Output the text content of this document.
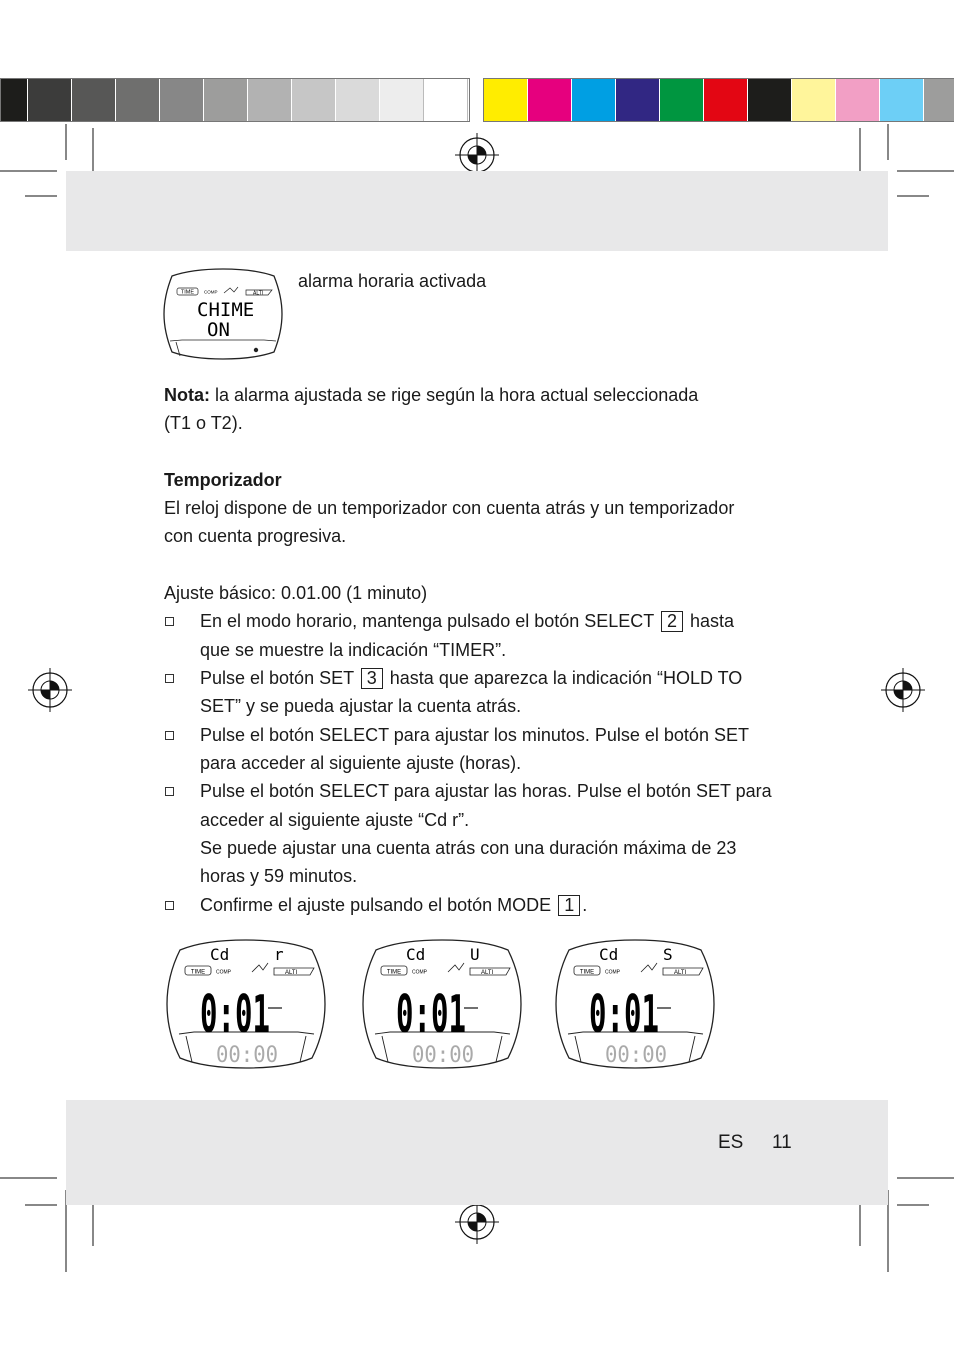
TIME COMP	ALTI
CHIME
ON
alarma horaria activada
Nota: la alarma ajustada se rige según la hora actual seleccionada
(T1 o T2).
Temporizador
El reloj dispone de un temporizador con cuenta atrás y un temporizador
con cuenta progresiva.
Ajuste básico: 0.01.00 (1 minuto)
En el modo horario, mantenga pulsado el botón SELECT 2 hasta
que se muestre la indicación “TIMER”.
Pulse el botón SET 3 hasta que aparezca la indicación “HOLD TO
SET” y se pueda ajustar la cuenta atrás.
Pulse el botón SELECT para ajustar los minutos. Pulse el botón SET
para acceder al siguiente ajuste (horas).
Pulse el botón SELECT para ajustar las horas. Pulse el botón SET para
acceder al siguiente ajuste “Cd r”.
Se puede ajustar una cuenta atrás con una duración máxima de 23
horas y 59 minutos.
Confirme el ajuste pulsando el botón MODE 1 .
Cd	r
TIME COMP	ALTI
0:01
00:00
Cd	U
TIME COMP	ALTI
0:01
00:00
Cd	S
TIME COMP	ALTI
0:01
00:00
ES 11
